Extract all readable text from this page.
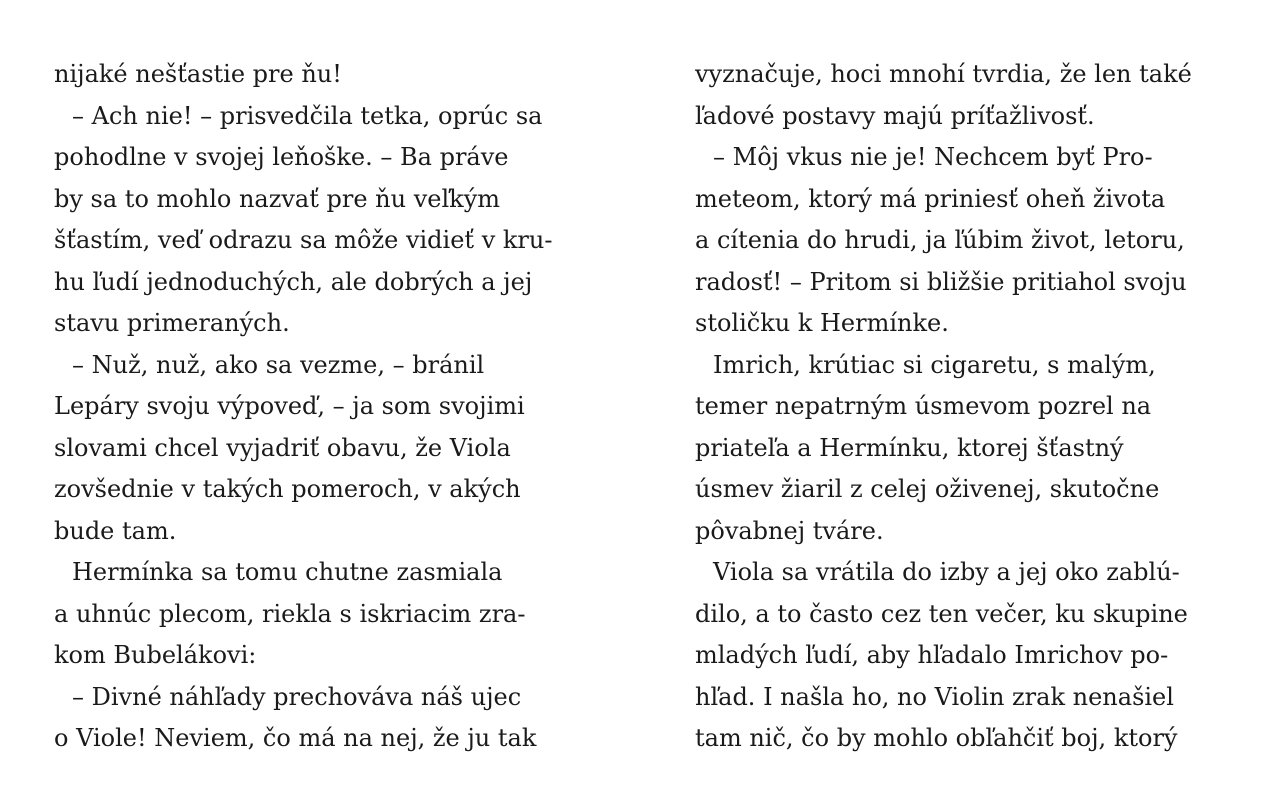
nijaké nešťastie pre ňu!
– Ach nie! – prisvedčila tetka, oprúc sa
pohodlne v svojej leňoške. – Ba práve
by sa to mohlo nazvať pre ňu veľkým
šťastím, veď odrazu sa môže vidieť v kru-
hu ľudí jednoduchých, ale dobrých a jej
stavu primeraných.
– Nuž, nuž, ako sa vezme, – bránil
Lepáry svoju výpoveď, – ja som svojimi
slovami chcel vyjadriť obavu, že Viola
zovšednie v takých pomeroch, v akých
bude tam.
Hermínka sa tomu chutne zasmiala
a uhnúc plecom, riekla s iskriacim zra-
kom Bubelákovi:
– Divné náhľady prechováva náš ujec
o Viole! Neviem, čo má na nej, že ju tak
vyznačuje, hoci mnohí tvrdia, že len také
ľadové postavy majú príťažlivosť.
– Môj vkus nie je! Nechcem byť Pro-
meteom, ktorý má priniesť oheň života
a cítenia do hrudi, ja ľúbim život, letoru,
radosť! – Pritom si bližšie pritiahol svoju
stoličku k Hermínke.
Imrich, krútiac si cigaretu, s malým,
temer nepatrným úsmevom pozrel na
priateľa a Hermínku, ktorej šťastný
úsmev žiaril z celej oživenej, skutočne
pôvabnej tváre.
Viola sa vrátila do izby a jej oko zablú-
dilo, a to často cez ten večer, ku skupine
mladých ľudí, aby hľadalo Imrichov po-
hľad. I našla ho, no Violin zrak nenašiel
tam nič, čo by mohlo obľahčiť boj, ktorý
